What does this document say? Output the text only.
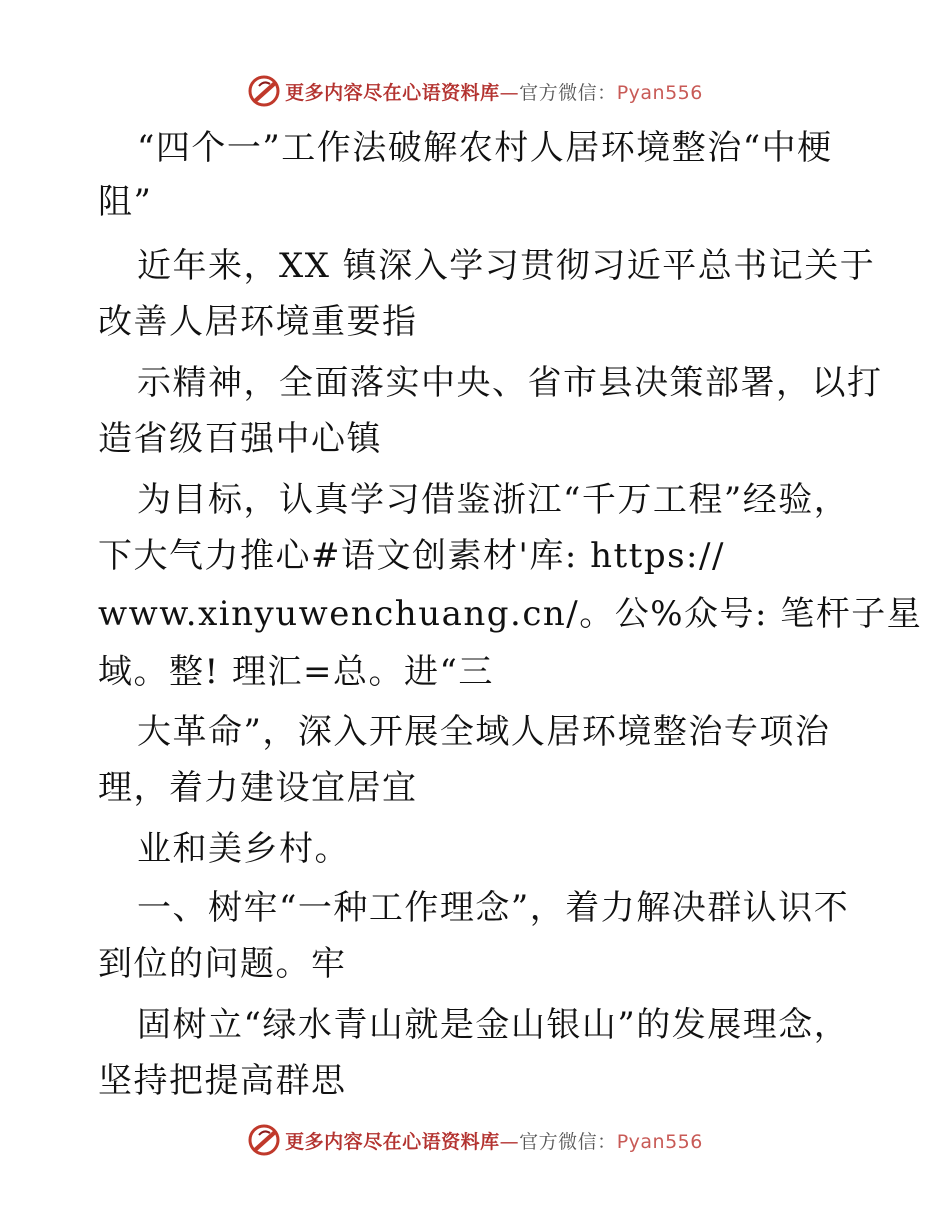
更多内容尽在心语资料库—官方微信：Pyan556
“四个一”工作法破解农村人居环境整治“中梗
阻”
近年来，XX 镇深入学习贯彻习近平总书记关于
改善人居环境重要指
示精神，全面落实中央、省市县决策部署，以打
造省级百强中心镇
为目标，认真学习借鉴浙江“千万工程”经验，
下大气力推心#语文创素材'库: https://
www.xinyuwenchuang.cn/。公%众号: 笔杆子星
域。整! 理汇=总。进“三
大革命”，深入开展全域人居环境整治专项治
理，着力建设宜居宜
业和美乡村。
一、树牢“一种工作理念”，着力解决群认识不
到位的问题。牢
固树立“绿水青山就是金山银山”的发展理念，
坚持把提高群思
更多内容尽在心语资料库—官方微信：Pyan556
